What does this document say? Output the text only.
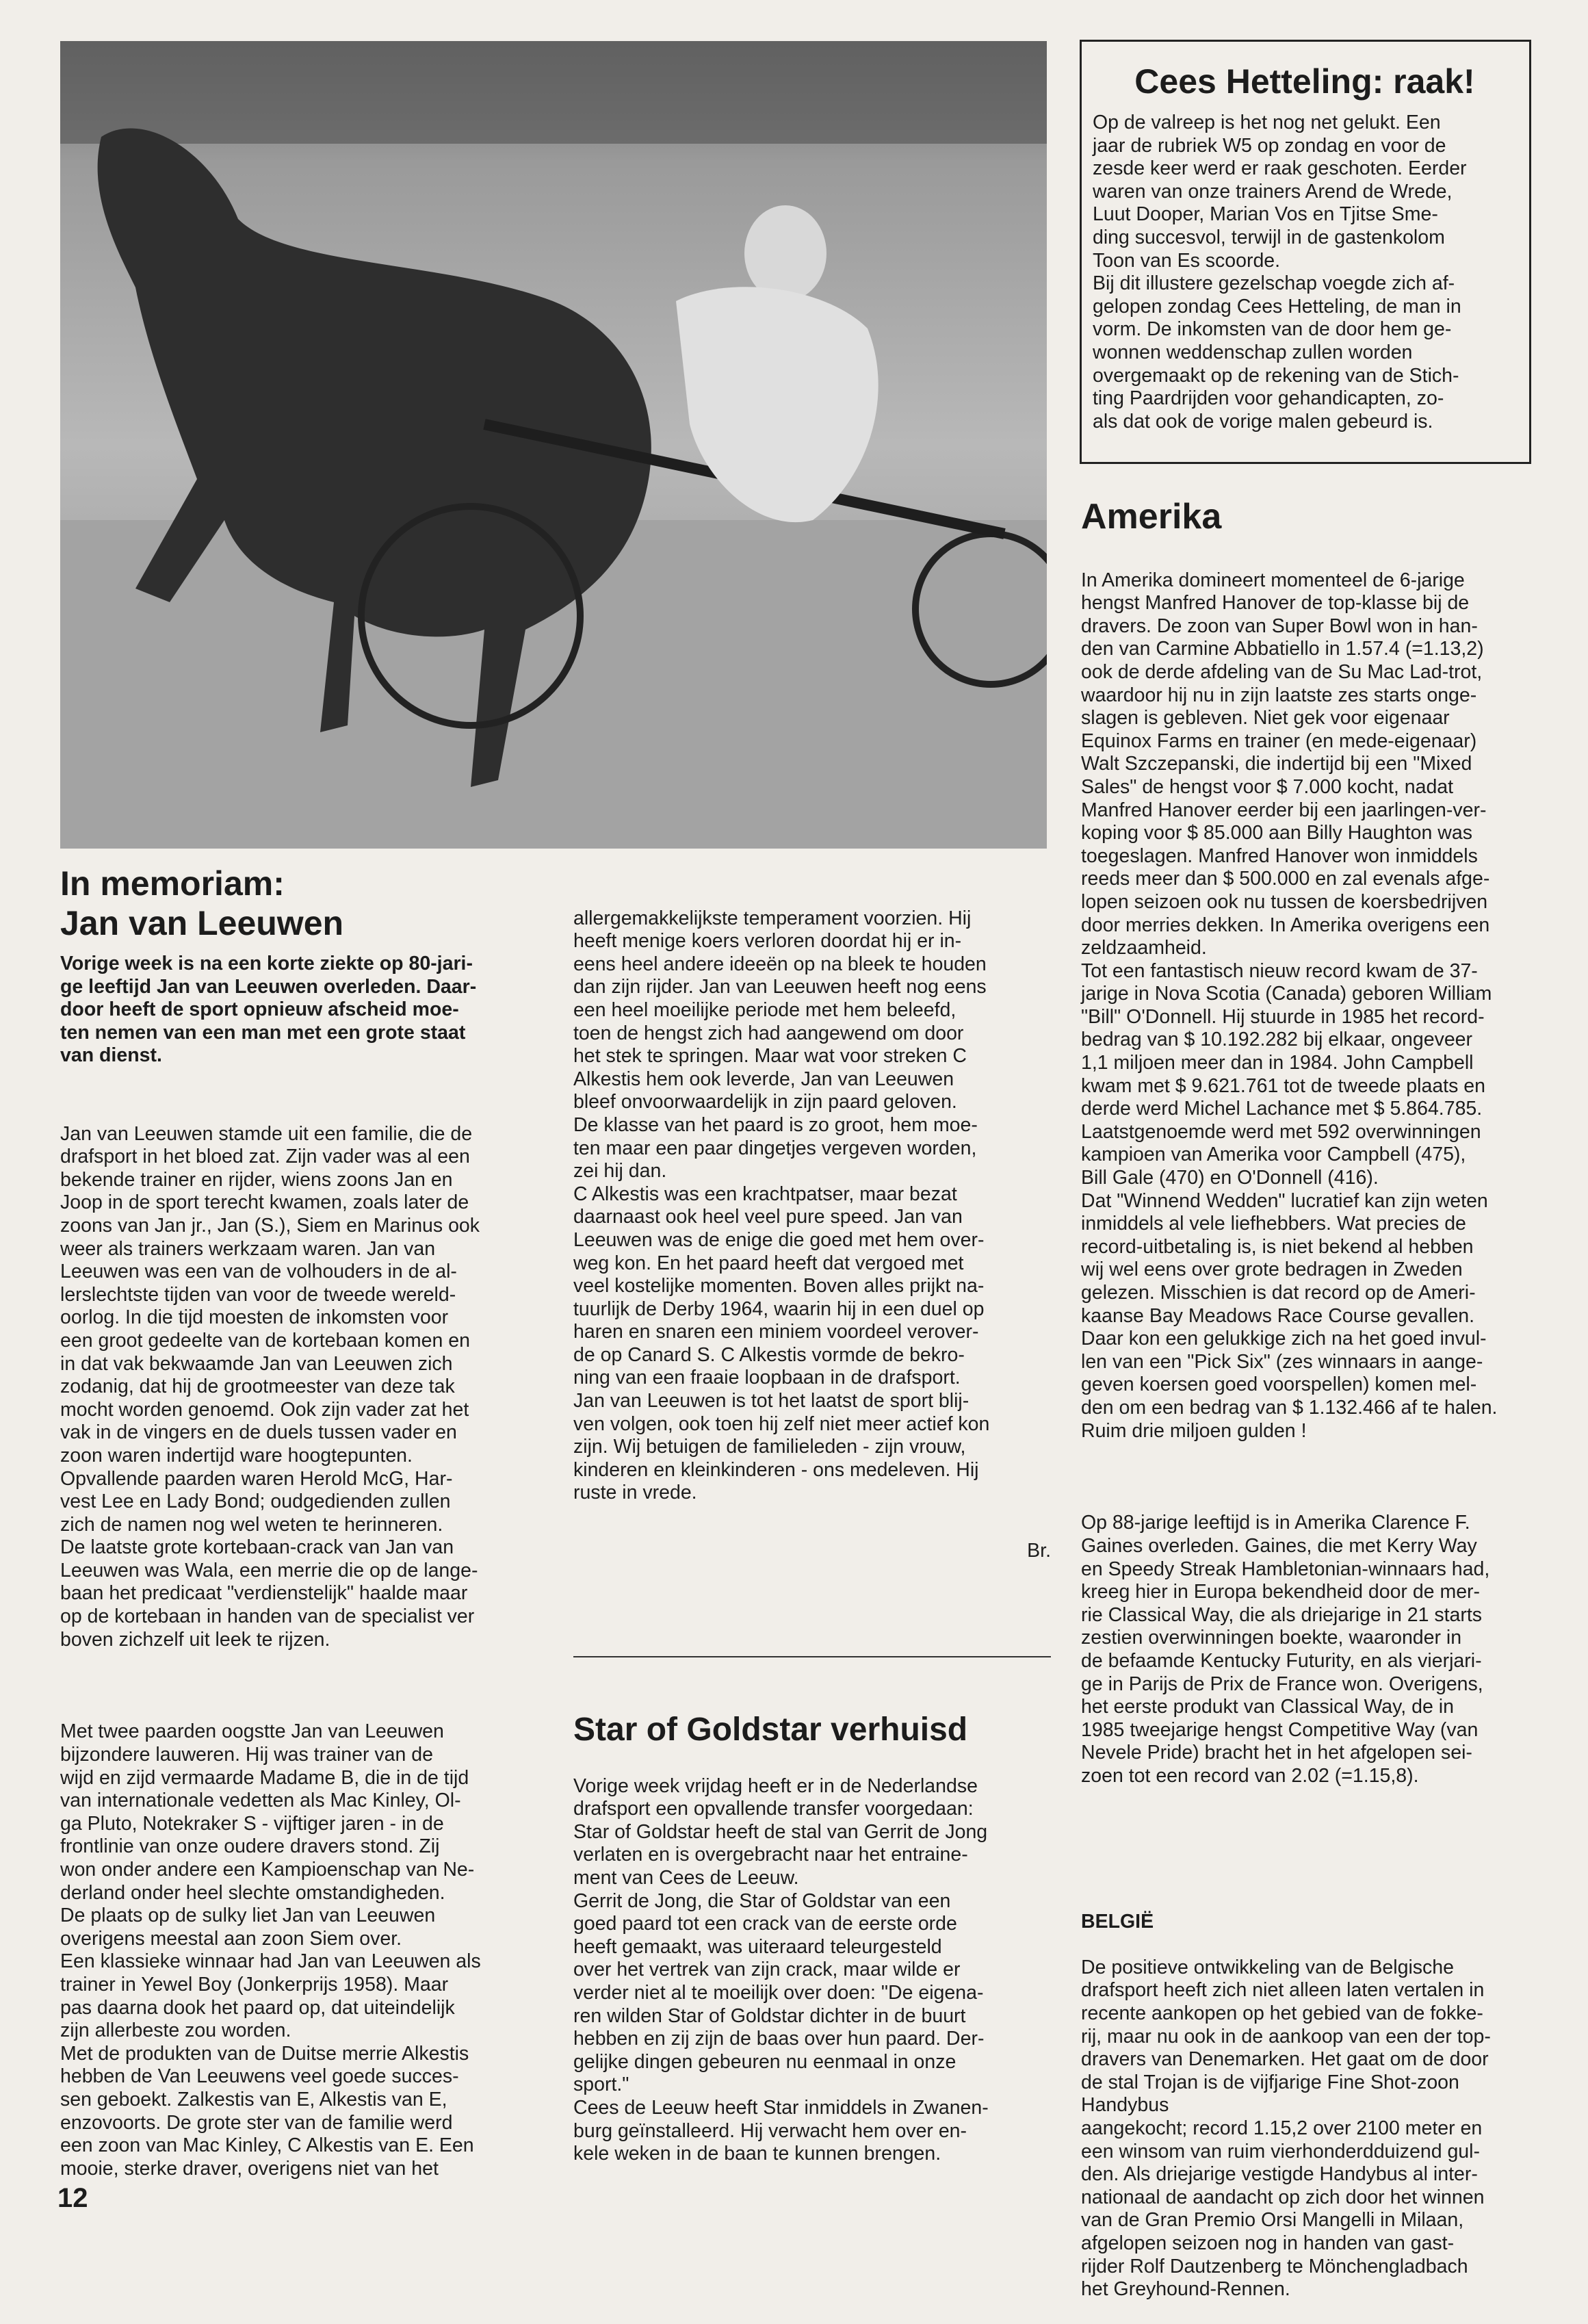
In memoriam:
Jan van Leeuwen

Vorige week is na een korte ziekte op 80-jari-
ge leeftijd Jan van Leeuwen overleden. Daar-
door heeft de sport opnieuw afscheid moe-
ten nemen van een man met een grote staat
van dienst.

Jan van Leeuwen stamde uit een familie, die de
drafsport in het bloed zat. Zijn vader was al een
bekende trainer en rijder, wiens zoons Jan en
Joop in de sport terecht kwamen, zoals later de
zoons van Jan jr., Jan (S.), Siem en Marinus ook
weer als trainers werkzaam waren. Jan van
Leeuwen was een van de volhouders in de al-
lerslechtste tijden van voor de tweede wereld-
oorlog. In die tijd moesten de inkomsten voor
een groot gedeelte van de kortebaan komen en
in dat vak bekwaamde Jan van Leeuwen zich
zodanig, dat hij de grootmeester van deze tak
mocht worden genoemd. Ook zijn vader zat het
vak in de vingers en de duels tussen vader en
zoon waren indertijd ware hoogtepunten.
Opvallende paarden waren Herold McG, Har-
vest Lee en Lady Bond; oudgedienden zullen
zich de namen nog wel weten te herinneren.
De laatste grote kortebaan-crack van Jan van
Leeuwen was Wala, een merrie die op de lange-
baan het predicaat "verdienstelijk" haalde maar
op de kortebaan in handen van de specialist ver
boven zichzelf uit leek te rijzen.

Met twee paarden oogstte Jan van Leeuwen
bijzondere lauweren. Hij was trainer van de
wijd en zijd vermaarde Madame B, die in de tijd
van internationale vedetten als Mac Kinley, Ol-
ga Pluto, Notekraker S - vijftiger jaren - in de
frontlinie van onze oudere dravers stond. Zij
won onder andere een Kampioenschap van Ne-
derland onder heel slechte omstandigheden.
De plaats op de sulky liet Jan van Leeuwen
overigens meestal aan zoon Siem over.
Een klassieke winnaar had Jan van Leeuwen als
trainer in Yewel Boy (Jonkerprijs 1958). Maar
pas daarna dook het paard op, dat uiteindelijk
zijn allerbeste zou worden.
Met de produkten van de Duitse merrie Alkestis
hebben de Van Leeuwens veel goede succes-
sen geboekt. Zalkestis van E, Alkestis van E,
enzovoorts. De grote ster van de familie werd
een zoon van Mac Kinley, C Alkestis van E. Een
mooie, sterke draver, overigens niet van het

allergemakkelijkste temperament voorzien. Hij
heeft menige koers verloren doordat hij er in-
eens heel andere ideeën op na bleek te houden
dan zijn rijder. Jan van Leeuwen heeft nog eens
een heel moeilijke periode met hem beleefd,
toen de hengst zich had aangewend om door
het stek te springen. Maar wat voor streken C
Alkestis hem ook leverde, Jan van Leeuwen
bleef onvoorwaardelijk in zijn paard geloven.
De klasse van het paard is zo groot, hem moe-
ten maar een paar dingetjes vergeven worden,
zei hij dan.
C Alkestis was een krachtpatser, maar bezat
daarnaast ook heel veel pure speed. Jan van
Leeuwen was de enige die goed met hem over-
weg kon. En het paard heeft dat vergoed met
veel kostelijke momenten. Boven alles prijkt na-
tuurlijk de Derby 1964, waarin hij in een duel op
haren en snaren een miniem voordeel verover-
de op Canard S. C Alkestis vormde de bekro-
ning van een fraaie loopbaan in de drafsport.
Jan van Leeuwen is tot het laatst de sport blij-
ven volgen, ook toen hij zelf niet meer actief kon
zijn. Wij betuigen de familieleden - zijn vrouw,
kinderen en kleinkinderen - ons medeleven. Hij
ruste in vrede.

Br.
Star of Goldstar verhuisd

Vorige week vrijdag heeft er in de Nederlandse
drafsport een opvallende transfer voorgedaan:
Star of Goldstar heeft de stal van Gerrit de Jong
verlaten en is overgebracht naar het entraine-
ment van Cees de Leeuw.
Gerrit de Jong, die Star of Goldstar van een
goed paard tot een crack van de eerste orde
heeft gemaakt, was uiteraard teleurgesteld
over het vertrek van zijn crack, maar wilde er
verder niet al te moeilijk over doen: "De eigena-
ren wilden Star of Goldstar dichter in de buurt
hebben en zij zijn de baas over hun paard. Der-
gelijke dingen gebeuren nu eenmaal in onze
sport."
Cees de Leeuw heeft Star inmiddels in Zwanen-
burg geïnstalleerd. Hij verwacht hem over en-
kele weken in de baan te kunnen brengen.

Cees Hetteling: raak!

Op de valreep is het nog net gelukt. Een
jaar de rubriek W5 op zondag en voor de
zesde keer werd er raak geschoten. Eerder
waren van onze trainers Arend de Wrede,
Luut Dooper, Marian Vos en Tjitse Sme-
ding succesvol, terwijl in de gastenkolom
Toon van Es scoorde.
Bij dit illustere gezelschap voegde zich af-
gelopen zondag Cees Hetteling, de man in
vorm. De inkomsten van de door hem ge-
wonnen weddenschap zullen worden
overgemaakt op de rekening van de Stich-
ting Paardrijden voor gehandicapten, zo-
als dat ook de vorige malen gebeurd is.

Amerika

In Amerika domineert momenteel de 6-jarige
hengst Manfred Hanover de top-klasse bij de
dravers. De zoon van Super Bowl won in han-
den van Carmine Abbatiello in 1.57.4 (=1.13,2)
ook de derde afdeling van de Su Mac Lad-trot,
waardoor hij nu in zijn laatste zes starts onge-
slagen is gebleven. Niet gek voor eigenaar
Equinox Farms en trainer (en mede-eigenaar)
Walt Szczepanski, die indertijd bij een "Mixed
Sales" de hengst voor $ 7.000 kocht, nadat
Manfred Hanover eerder bij een jaarlingen-ver-
koping voor $ 85.000 aan Billy Haughton was
toegeslagen. Manfred Hanover won inmiddels
reeds meer dan $ 500.000 en zal evenals afge-
lopen seizoen ook nu tussen de koersbedrijven
door merries dekken. In Amerika overigens een
zeldzaamheid.
Tot een fantastisch nieuw record kwam de 37-
jarige in Nova Scotia (Canada) geboren William
"Bill" O'Donnell. Hij stuurde in 1985 het record-
bedrag van $ 10.192.282 bij elkaar, ongeveer
1,1 miljoen meer dan in 1984. John Campbell
kwam met $ 9.621.761 tot de tweede plaats en
derde werd Michel Lachance met $ 5.864.785.
Laatstgenoemde werd met 592 overwinningen
kampioen van Amerika voor Campbell (475),
Bill Gale (470) en O'Donnell (416).
Dat "Winnend Wedden" lucratief kan zijn weten
inmiddels al vele liefhebbers. Wat precies de
record-uitbetaling is, is niet bekend al hebben
wij wel eens over grote bedragen in Zweden
gelezen. Misschien is dat record op de Ameri-
kaanse Bay Meadows Race Course gevallen.
Daar kon een gelukkige zich na het goed invul-
len van een "Pick Six" (zes winnaars in aange-
geven koersen goed voorspellen) komen mel-
den om een bedrag van $ 1.132.466 af te halen.
Ruim drie miljoen gulden !

Op 88-jarige leeftijd is in Amerika Clarence F.
Gaines overleden. Gaines, die met Kerry Way
en Speedy Streak Hambletonian-winnaars had,
kreeg hier in Europa bekendheid door de mer-
rie Classical Way, die als driejarige in 21 starts
zestien overwinningen boekte, waaronder in
de befaamde Kentucky Futurity, en als vierjari-
ge in Parijs de Prix de France won. Overigens,
het eerste produkt van Classical Way, de in
1985 tweejarige hengst Competitive Way (van
Nevele Pride) bracht het in het afgelopen sei-
zoen tot een record van 2.02 (=1.15,8).

BELGIË

De positieve ontwikkeling van de Belgische
drafsport heeft zich niet alleen laten vertalen in
recente aankopen op het gebied van de fokke-
rij, maar nu ook in de aankoop van een der top-
dravers van Denemarken. Het gaat om de door
de stal Trojan is de vijfjarige Fine Shot-zoon Handybus
aangekocht; record 1.15,2 over 2100 meter en
een winsom van ruim vierhonderdduizend gul-
den. Als driejarige vestigde Handybus al inter-
nationaal de aandacht op zich door het winnen
van de Gran Premio Orsi Mangelli in Milaan,
afgelopen seizoen nog in handen van gast-
rijder Rolf Dautzenberg te Mönchengladbach
het Greyhound-Rennen.

12
